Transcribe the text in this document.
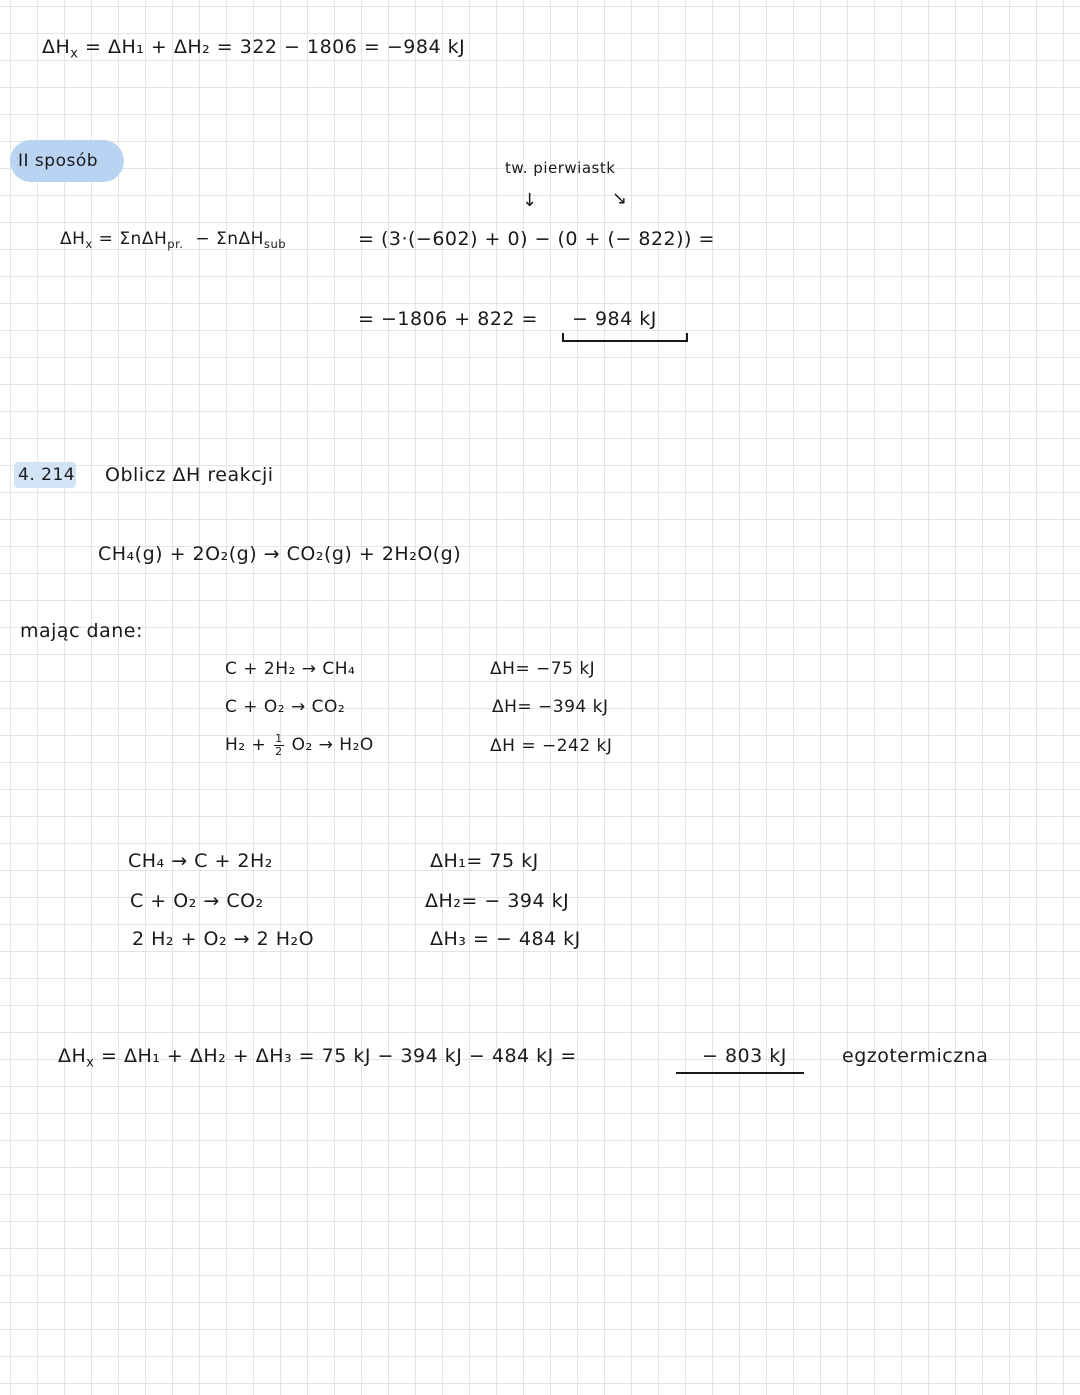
$\Delta H_x = \Delta H_1 + \Delta H_2 = 322 - 1806 = -984$ kJ
II sposób	tw. pierwiastk
↓	↘
$\Delta H_x = \Sigma n\Delta H_{pr.} - \Sigma n\Delta H_{sub}$	= (3·(−602) + 0) − (0 + (− 822)) =
= −1806 + 822 = − 984 kJ
4. 214 Oblicz ΔH reakcji
CH₄(g) + 2O₂(g) → CO₂(g) + 2H₂O(g)
mając dane:
C + 2H₂ → CH₄	ΔH= −75 kJ
C + O₂ → CO₂	ΔH= −394 kJ
$H_2 + \frac{1}{2} O_2 \to H_2O$	ΔH = −242 kJ
CH₄ → C + 2H₂	ΔH₁= 75 kJ
C + O₂ → CO₂	ΔH₂= − 394 kJ
2 H₂ + O₂ → 2 H₂O	ΔH₃ = − 484 kJ
$\Delta H_x = \Delta H_1 + \Delta H_2 + \Delta H_3 = 75$ kJ − 394 kJ − 484 kJ =	− 803 kJ	egzotermiczna
